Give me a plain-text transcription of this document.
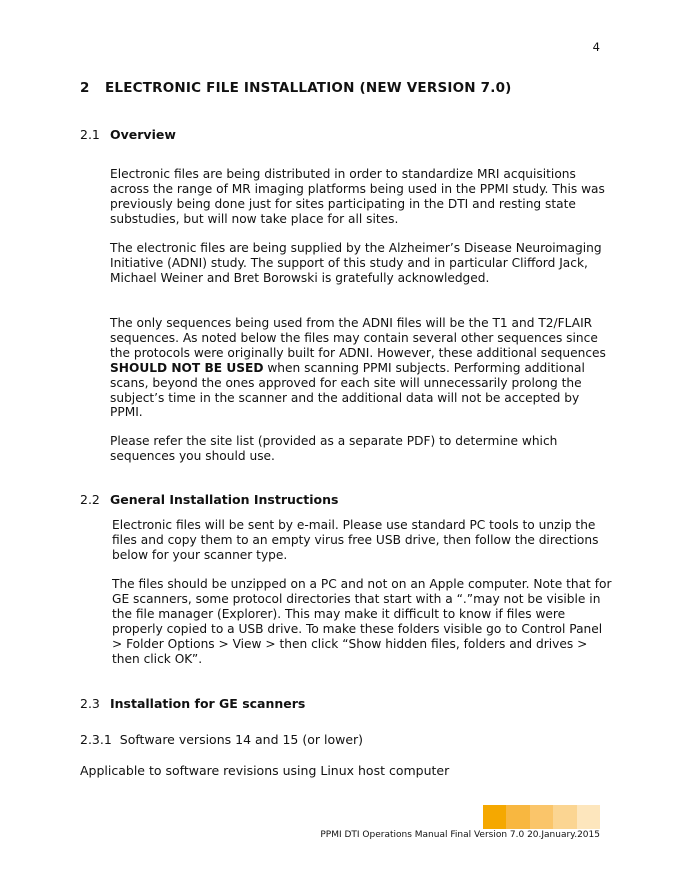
4
2 ELECTRONIC FILE INSTALLATION (NEW VERSION 7.0)
2.1 Overview

Electronic files are being distributed in order to standardize MRI acquisitions across the range of MR imaging platforms being used in the PPMI study. This was previously being done just for sites participating in the DTI and resting state substudies, but will now take place for all sites.

The electronic files are being supplied by the Alzheimer’s Disease Neuroimaging Initiative (ADNI) study. The support of this study and in particular Clifford Jack, Michael Weiner and Bret Borowski is gratefully acknowledged.

The only sequences being used from the ADNI files will be the T1 and T2/FLAIR sequences. As noted below the files may contain several other sequences since the protocols were originally built for ADNI. However, these additional sequences SHOULD NOT BE USED when scanning PPMI subjects. Performing additional scans, beyond the ones approved for each site will unnecessarily prolong the subject’s time in the scanner and the additional data will not be accepted by PPMI.

Please refer the site list (provided as a separate PDF) to determine which sequences you should use.

2.2 General Installation Instructions

Electronic files will be sent by e-mail. Please use standard PC tools to unzip the files and copy them to an empty virus free USB drive, then follow the directions below for your scanner type.

The files should be unzipped on a PC and not on an Apple computer. Note that for GE scanners, some protocol directories that start with a “.”may not be visible in the file manager (Explorer). This may make it difficult to know if files were properly copied to a USB drive. To make these folders visible go to Control Panel > Folder Options > View > then click “Show hidden files, folders and drives > then click OK”.

2.3 Installation for GE scanners
2.3.1 Software versions 14 and 15 (or lower)
Applicable to software revisions using Linux host computer
PPMI DTI Operations Manual Final Version 7.0 20.January.2015
